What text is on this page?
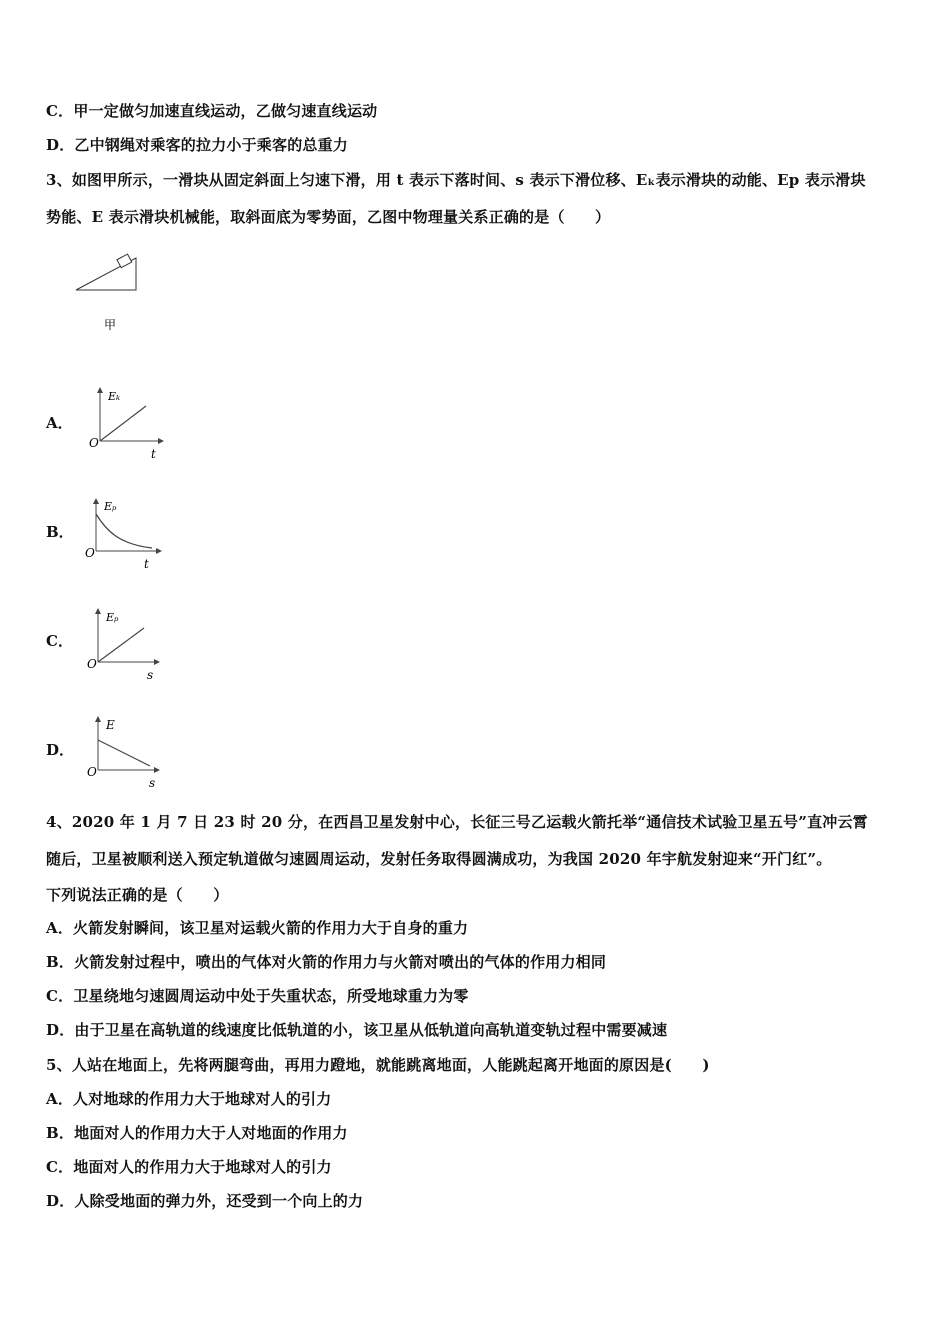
C．甲一定做匀加速直线运动，乙做匀速直线运动
D．乙中钢绳对乘客的拉力小于乘客的总重力
3、如图甲所示，一滑块从固定斜面上匀速下滑，用 t 表示下落时间、s 表示下滑位移、Eₖ表示滑块的动能、Ep 表示滑块
势能、E 表示滑块机械能，取斜面底为零势面，乙图中物理量关系正确的是（　　）
甲
A．
Eₖ
O
t
B．
Eₚ
O
t
C．
Eₚ
O
s
D．
E
O
s
4、2020 年 1 月 7 日 23 时 20 分，在西昌卫星发射中心，长征三号乙运载火箭托举“通信技术试验卫星五号”直冲云霄
随后，卫星被顺利送入预定轨道做匀速圆周运动，发射任务取得圆满成功，为我国 2020 年宇航发射迎来“开门红”。
下列说法正确的是（　　）
A．火箭发射瞬间，该卫星对运载火箭的作用力大于自身的重力
B．火箭发射过程中，喷出的气体对火箭的作用力与火箭对喷出的气体的作用力相同
C．卫星绕地匀速圆周运动中处于失重状态，所受地球重力为零
D．由于卫星在高轨道的线速度比低轨道的小，该卫星从低轨道向高轨道变轨过程中需要减速
5、人站在地面上，先将两腿弯曲，再用力蹬地，就能跳离地面，人能跳起离开地面的原因是(　　)
A．人对地球的作用力大于地球对人的引力
B．地面对人的作用力大于人对地面的作用力
C．地面对人的作用力大于地球对人的引力
D．人除受地面的弹力外，还受到一个向上的力
